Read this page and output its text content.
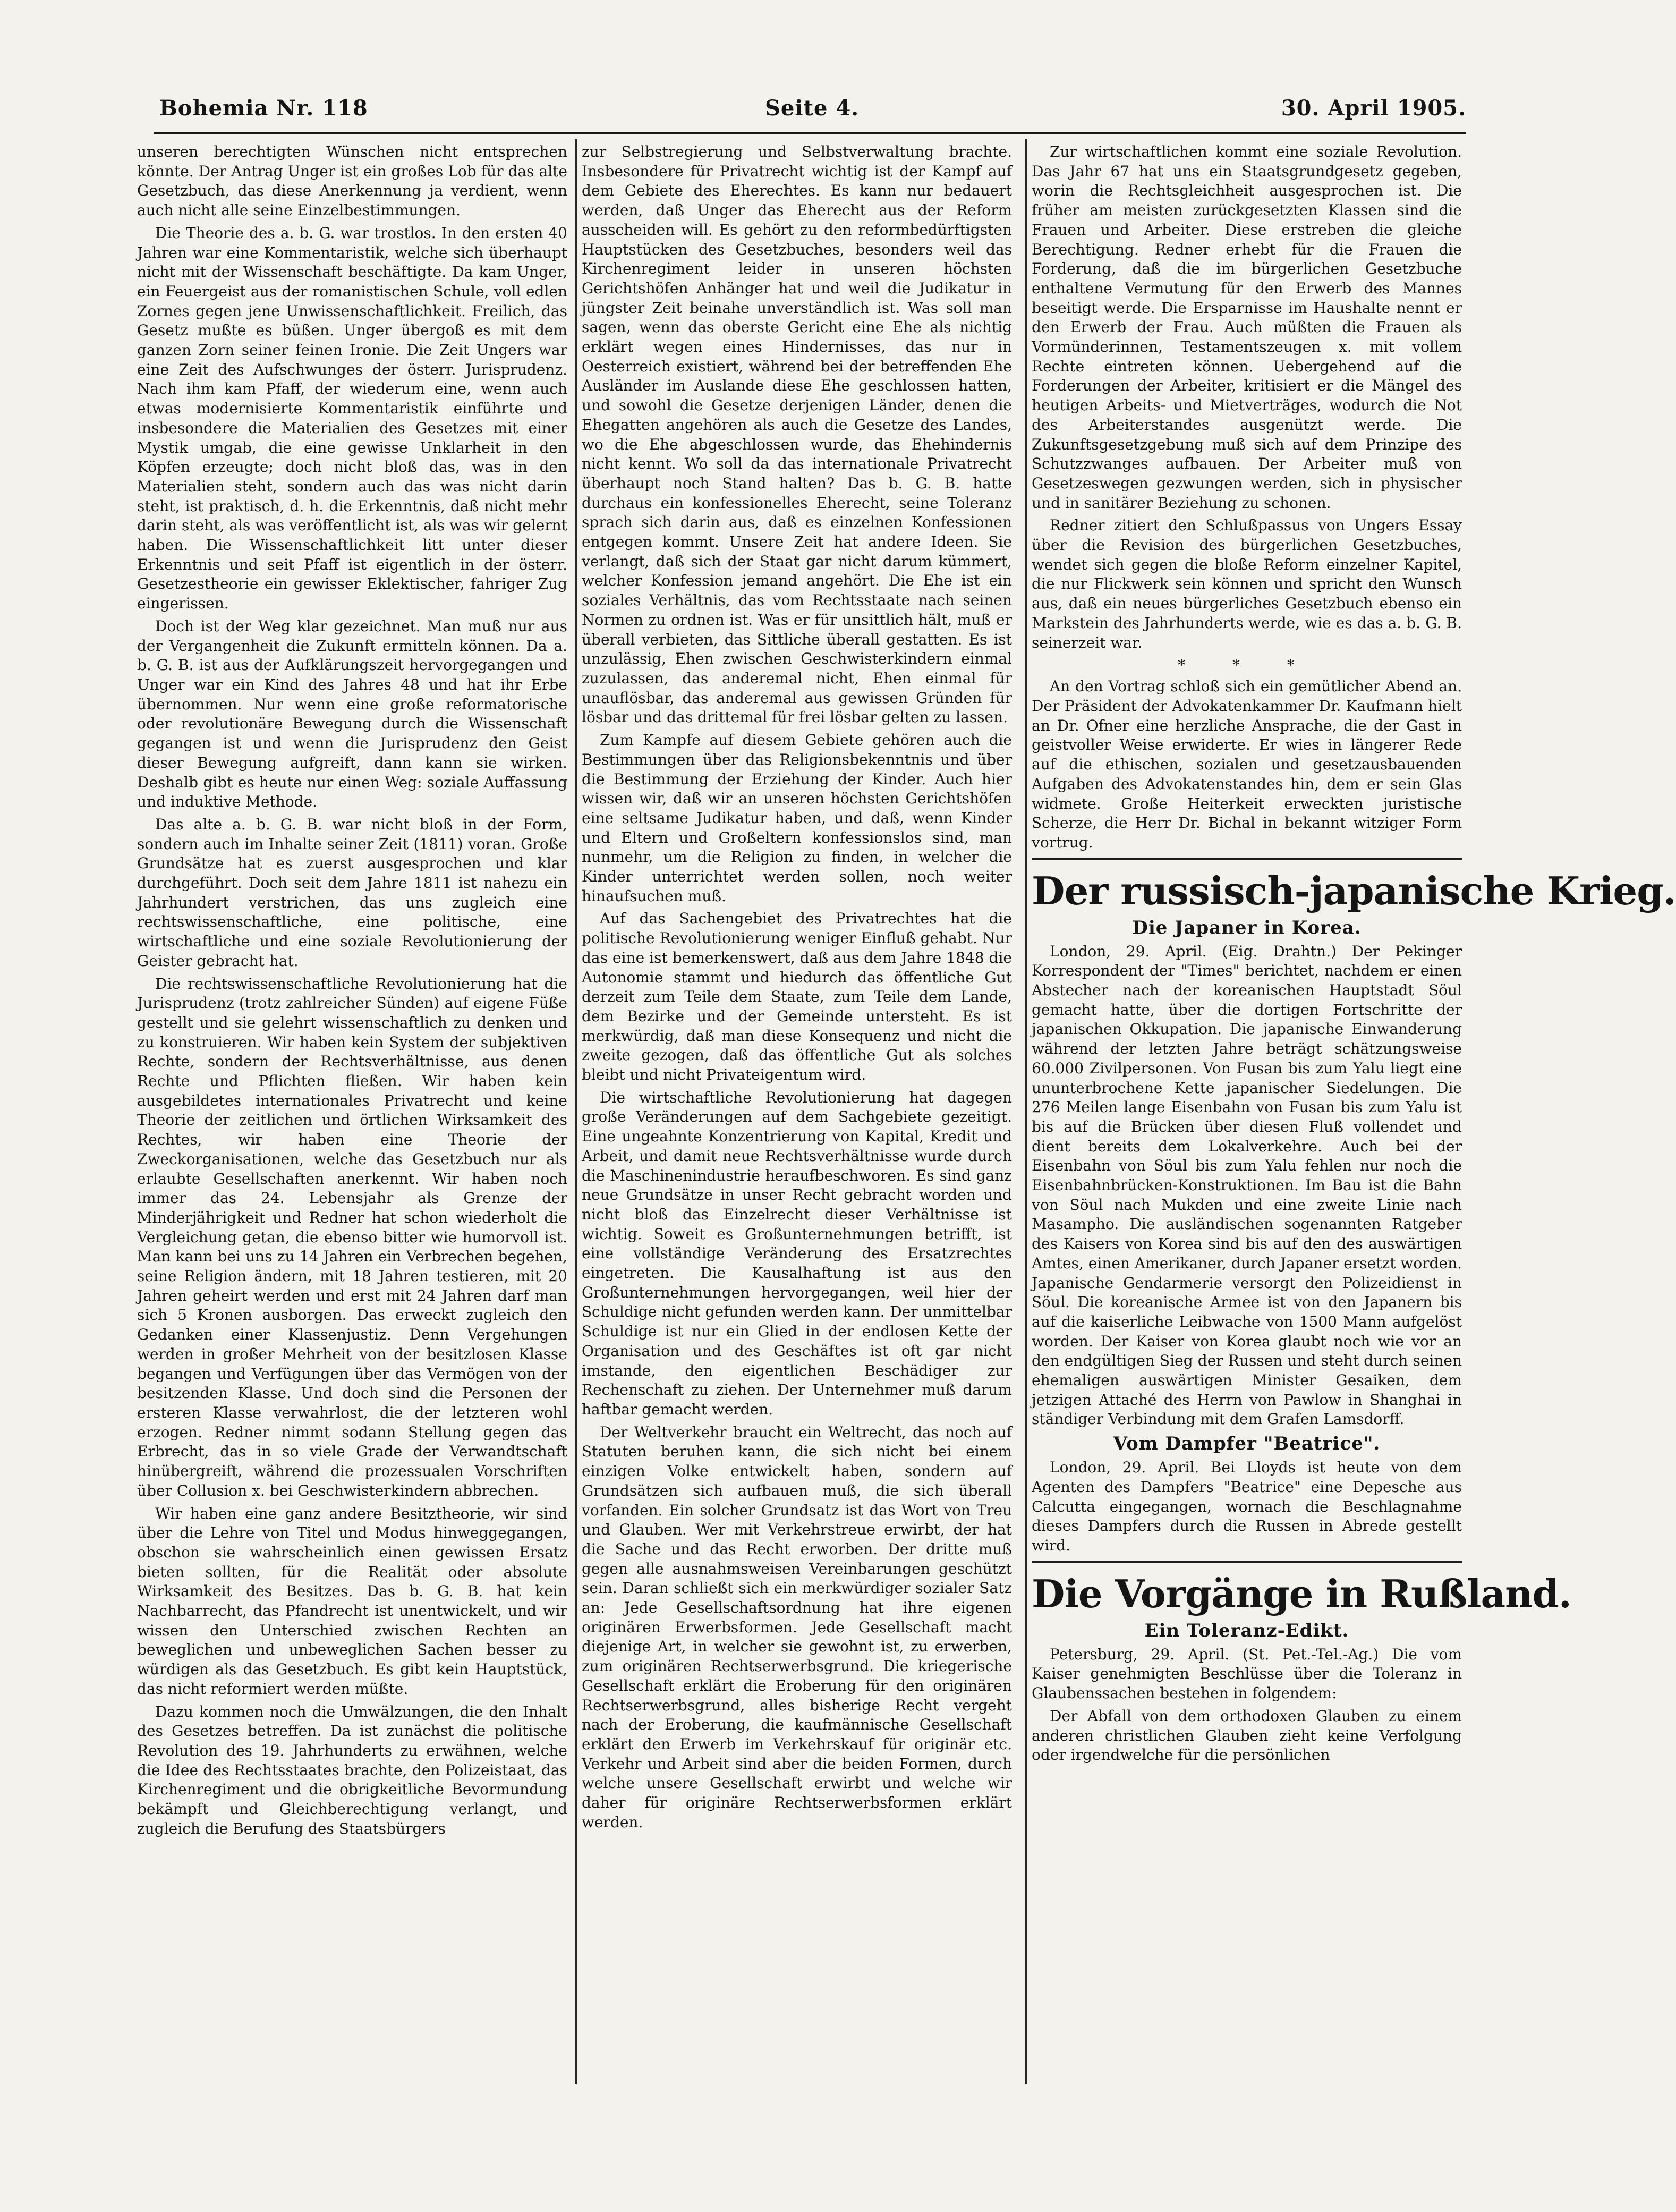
Bohemia Nr. 118	Seite 4.	30. April 1905.

unseren berechtigten Wünschen nicht entsprechen könnte. Der Antrag Unger ist ein großes Lob für das alte Gesetzbuch, das diese Anerkennung ja verdient, wenn auch nicht alle seine Einzelbestimmungen.

Die Theorie des a. b. G. war trostlos. In den ersten 40 Jahren war eine Kommentaristik, welche sich überhaupt nicht mit der Wissenschaft beschäftigte. Da kam Unger, ein Feuergeist aus der romanistischen Schule, voll edlen Zornes gegen jene Unwissenschaftlichkeit. Freilich, das Gesetz mußte es büßen. Unger übergoß es mit dem ganzen Zorn seiner feinen Ironie. Die Zeit Ungers war eine Zeit des Aufschwunges der österr. Jurisprudenz. Nach ihm kam Pfaff, der wiederum eine, wenn auch etwas modernisierte Kommentaristik einführte und insbesondere die Materialien des Gesetzes mit einer Mystik umgab, die eine gewisse Unklarheit in den Köpfen erzeugte; doch nicht bloß das, was in den Materialien steht, sondern auch das was nicht darin steht, ist praktisch, d. h. die Erkenntnis, daß nicht mehr darin steht, als was veröffentlicht ist, als was wir gelernt haben. Die Wissenschaftlichkeit litt unter dieser Erkenntnis und seit Pfaff ist eigentlich in der österr. Gesetzestheorie ein gewisser Eklektischer, fahriger Zug eingerissen.

Doch ist der Weg klar gezeichnet. Man muß nur aus der Vergangenheit die Zukunft ermitteln können. Da a. b. G. B. ist aus der Aufklärungszeit hervorgegangen und Unger war ein Kind des Jahres 48 und hat ihr Erbe übernommen. Nur wenn eine große reformatorische oder revolutionäre Bewegung durch die Wissenschaft gegangen ist und wenn die Jurisprudenz den Geist dieser Bewegung aufgreift, dann kann sie wirken. Deshalb gibt es heute nur einen Weg: soziale Auffassung und induktive Methode.

Das alte a. b. G. B. war nicht bloß in der Form, sondern auch im Inhalte seiner Zeit (1811) voran. Große Grundsätze hat es zuerst ausgesprochen und klar durchgeführt. Doch seit dem Jahre 1811 ist nahezu ein Jahrhundert verstrichen, das uns zugleich eine rechtswissenschaftliche, eine politische, eine wirtschaftliche und eine soziale Revolutionierung der Geister gebracht hat.

Die rechtswissenschaftliche Revolutionierung hat die Jurisprudenz (trotz zahlreicher Sünden) auf eigene Füße gestellt und sie gelehrt wissenschaftlich zu denken und zu konstruieren. Wir haben kein System der subjektiven Rechte, sondern der Rechtsverhältnisse, aus denen Rechte und Pflichten fließen. Wir haben kein ausgebildetes internationales Privatrecht und keine Theorie der zeitlichen und örtlichen Wirksamkeit des Rechtes, wir haben eine Theorie der Zweckorganisationen, welche das Gesetzbuch nur als erlaubte Gesellschaften anerkennt. Wir haben noch immer das 24. Lebensjahr als Grenze der Minderjährigkeit und Redner hat schon wiederholt die Vergleichung getan, die ebenso bitter wie humorvoll ist. Man kann bei uns zu 14 Jahren ein Verbrechen begehen, seine Religion ändern, mit 18 Jahren testieren, mit 20 Jahren geheirt werden und erst mit 24 Jahren darf man sich 5 Kronen ausborgen. Das erweckt zugleich den Gedanken einer Klassenjustiz. Denn Vergehungen werden in großer Mehrheit von der besitzlosen Klasse begangen und Verfügungen über das Vermögen von der besitzenden Klasse. Und doch sind die Personen der ersteren Klasse verwahrlost, die der letzteren wohl erzogen. Redner nimmt sodann Stellung gegen das Erbrecht, das in so viele Grade der Verwandtschaft hinübergreift, während die prozessualen Vorschriften über Collusion x. bei Geschwisterkindern abbrechen.

Wir haben eine ganz andere Besitztheorie, wir sind über die Lehre von Titel und Modus hinweggegangen, obschon sie wahrscheinlich einen gewissen Ersatz bieten sollten, für die Realität oder absolute Wirksamkeit des Besitzes. Das b. G. B. hat kein Nachbarrecht, das Pfandrecht ist unentwickelt, und wir wissen den Unterschied zwischen Rechten an beweglichen und unbeweglichen Sachen besser zu würdigen als das Gesetzbuch. Es gibt kein Hauptstück, das nicht reformiert werden müßte.

Dazu kommen noch die Umwälzungen, die den Inhalt des Gesetzes betreffen. Da ist zunächst die politische Revolution des 19. Jahrhunderts zu erwähnen, welche die Idee des Rechtsstaates brachte, den Polizeistaat, das Kirchenregiment und die obrigkeitliche Bevormundung bekämpft und Gleichberechtigung verlangt, und zugleich die Berufung des Staatsbürgers

zur Selbstregierung und Selbstverwaltung brachte. Insbesondere für Privatrecht wichtig ist der Kampf auf dem Gebiete des Eherechtes. Es kann nur bedauert werden, daß Unger das Eherecht aus der Reform ausscheiden will. Es gehört zu den reformbedürftigsten Hauptstücken des Gesetzbuches, besonders weil das Kirchenregiment leider in unseren höchsten Gerichtshöfen Anhänger hat und weil die Judikatur in jüngster Zeit beinahe unverständlich ist. Was soll man sagen, wenn das oberste Gericht eine Ehe als nichtig erklärt wegen eines Hindernisses, das nur in Oesterreich existiert, während bei der betreffenden Ehe Ausländer im Auslande diese Ehe geschlossen hatten, und sowohl die Gesetze derjenigen Länder, denen die Ehegatten angehören als auch die Gesetze des Landes, wo die Ehe abgeschlossen wurde, das Ehehindernis nicht kennt. Wo soll da das internationale Privatrecht überhaupt noch Stand halten? Das b. G. B. hatte durchaus ein konfessionelles Eherecht, seine Toleranz sprach sich darin aus, daß es einzelnen Konfessionen entgegen kommt. Unsere Zeit hat andere Ideen. Sie verlangt, daß sich der Staat gar nicht darum kümmert, welcher Konfession jemand angehört. Die Ehe ist ein soziales Verhältnis, das vom Rechtsstaate nach seinen Normen zu ordnen ist. Was er für unsittlich hält, muß er überall verbieten, das Sittliche überall gestatten. Es ist unzulässig, Ehen zwischen Geschwisterkindern einmal zuzulassen, das anderemal nicht, Ehen einmal für unauflösbar, das anderemal aus gewissen Gründen für lösbar und das drittemal für frei lösbar gelten zu lassen.

Zum Kampfe auf diesem Gebiete gehören auch die Bestimmungen über das Religionsbekenntnis und über die Bestimmung der Erziehung der Kinder. Auch hier wissen wir, daß wir an unseren höchsten Gerichtshöfen eine seltsame Judikatur haben, und daß, wenn Kinder und Eltern und Großeltern konfessionslos sind, man nunmehr, um die Religion zu finden, in welcher die Kinder unterrichtet werden sollen, noch weiter hinaufsuchen muß.

Auf das Sachengebiet des Privatrechtes hat die politische Revolutionierung weniger Einfluß gehabt. Nur das eine ist bemerkenswert, daß aus dem Jahre 1848 die Autonomie stammt und hiedurch das öffentliche Gut derzeit zum Teile dem Staate, zum Teile dem Lande, dem Bezirke und der Gemeinde untersteht. Es ist merkwürdig, daß man diese Konsequenz und nicht die zweite gezogen, daß das öffentliche Gut als solches bleibt und nicht Privateigentum wird.

Die wirtschaftliche Revolutionierung hat dagegen große Veränderungen auf dem Sachgebiete gezeitigt. Eine ungeahnte Konzentrierung von Kapital, Kredit und Arbeit, und damit neue Rechtsverhältnisse wurde durch die Maschinenindustrie heraufbeschworen. Es sind ganz neue Grundsätze in unser Recht gebracht worden und nicht bloß das Einzelrecht dieser Verhältnisse ist wichtig. Soweit es Großunternehmungen betrifft, ist eine vollständige Veränderung des Ersatzrechtes eingetreten. Die Kausalhaftung ist aus den Großunternehmungen hervorgegangen, weil hier der Schuldige nicht gefunden werden kann. Der unmittelbar Schuldige ist nur ein Glied in der endlosen Kette der Organisation und des Geschäftes ist oft gar nicht imstande, den eigentlichen Beschädiger zur Rechenschaft zu ziehen. Der Unternehmer muß darum haftbar gemacht werden.

Der Weltverkehr braucht ein Weltrecht, das noch auf Statuten beruhen kann, die sich nicht bei einem einzigen Volke entwickelt haben, sondern auf Grundsätzen sich aufbauen muß, die sich überall vorfanden. Ein solcher Grundsatz ist das Wort von Treu und Glauben. Wer mit Verkehrstreue erwirbt, der hat die Sache und das Recht erworben. Der dritte muß gegen alle ausnahmsweisen Vereinbarungen geschützt sein. Daran schließt sich ein merkwürdiger sozialer Satz an: Jede Gesellschaftsordnung hat ihre eigenen originären Erwerbsformen. Jede Gesellschaft macht diejenige Art, in welcher sie gewohnt ist, zu erwerben, zum originären Rechtserwerbsgrund. Die kriegerische Gesellschaft erklärt die Eroberung für den originären Rechtserwerbsgrund, alles bisherige Recht vergeht nach der Eroberung, die kaufmännische Gesellschaft erklärt den Erwerb im Verkehrskauf für originär etc. Verkehr und Arbeit sind aber die beiden Formen, durch welche unsere Gesellschaft erwirbt und welche wir daher für originäre Rechtserwerbsformen erklärt werden.

Zur wirtschaftlichen kommt eine soziale Revolution. Das Jahr 67 hat uns ein Staatsgrundgesetz gegeben, worin die Rechtsgleichheit ausgesprochen ist. Die früher am meisten zurückgesetzten Klassen sind die Frauen und Arbeiter. Diese erstreben die gleiche Berechtigung. Redner erhebt für die Frauen die Forderung, daß die im bürgerlichen Gesetzbuche enthaltene Vermutung für den Erwerb des Mannes beseitigt werde. Die Ersparnisse im Haushalte nennt er den Erwerb der Frau. Auch müßten die Frauen als Vormünderinnen, Testamentszeugen x. mit vollem Rechte eintreten können. Uebergehend auf die Forderungen der Arbeiter, kritisiert er die Mängel des heutigen Arbeits- und Mietverträges, wodurch die Not des Arbeiterstandes ausgenützt werde. Die Zukunftsgesetzgebung muß sich auf dem Prinzipe des Schutzzwanges aufbauen. Der Arbeiter muß von Gesetzeswegen gezwungen werden, sich in physischer und in sanitärer Beziehung zu schonen.

Redner zitiert den Schlußpassus von Ungers Essay über die Revision des bürgerlichen Gesetzbuches, wendet sich gegen die bloße Reform einzelner Kapitel, die nur Flickwerk sein können und spricht den Wunsch aus, daß ein neues bürgerliches Gesetzbuch ebenso ein Markstein des Jahrhunderts werde, wie es das a. b. G. B. seinerzeit war.

* * *

An den Vortrag schloß sich ein gemütlicher Abend an. Der Präsident der Advokatenkammer Dr. Kaufmann hielt an Dr. Ofner eine herzliche Ansprache, die der Gast in geistvoller Weise erwiderte. Er wies in längerer Rede auf die ethischen, sozialen und gesetzausbauenden Aufgaben des Advokatenstandes hin, dem er sein Glas widmete. Große Heiterkeit erweckten juristische Scherze, die Herr Dr. Bichal in bekannt witziger Form vortrug.

Der russisch-japanische Krieg.
Die Japaner in Korea.

London, 29. April. (Eig. Drahtn.) Der Pekinger Korrespondent der "Times" berichtet, nachdem er einen Abstecher nach der koreanischen Hauptstadt Söul gemacht hatte, über die dortigen Fortschritte der japanischen Okkupation. Die japanische Einwanderung während der letzten Jahre beträgt schätzungsweise 60.000 Zivilpersonen. Von Fusan bis zum Yalu liegt eine ununterbrochene Kette japanischer Siedelungen. Die 276 Meilen lange Eisenbahn von Fusan bis zum Yalu ist bis auf die Brücken über diesen Fluß vollendet und dient bereits dem Lokalverkehre. Auch bei der Eisenbahn von Söul bis zum Yalu fehlen nur noch die Eisenbahnbrücken-Konstruktionen. Im Bau ist die Bahn von Söul nach Mukden und eine zweite Linie nach Masampho. Die ausländischen sogenannten Ratgeber des Kaisers von Korea sind bis auf den des auswärtigen Amtes, einen Amerikaner, durch Japaner ersetzt worden. Japanische Gendarmerie versorgt den Polizeidienst in Söul. Die koreanische Armee ist von den Japanern bis auf die kaiserliche Leibwache von 1500 Mann aufgelöst worden. Der Kaiser von Korea glaubt noch wie vor an den endgültigen Sieg der Russen und steht durch seinen ehemaligen auswärtigen Minister Gesaiken, dem jetzigen Attaché des Herrn von Pawlow in Shanghai in ständiger Verbindung mit dem Grafen Lamsdorff.

Vom Dampfer "Beatrice".

London, 29. April. Bei Lloyds ist heute von dem Agenten des Dampfers "Beatrice" eine Depesche aus Calcutta eingegangen, wornach die Beschlagnahme dieses Dampfers durch die Russen in Abrede gestellt wird.

Die Vorgänge in Rußland.
Ein Toleranz-Edikt.

Petersburg, 29. April. (St. Pet.-Tel.-Ag.) Die vom Kaiser genehmigten Beschlüsse über die Toleranz in Glaubenssachen bestehen in folgendem:

Der Abfall von dem orthodoxen Glauben zu einem anderen christlichen Glauben zieht keine Verfolgung oder irgendwelche für die persönlichen
